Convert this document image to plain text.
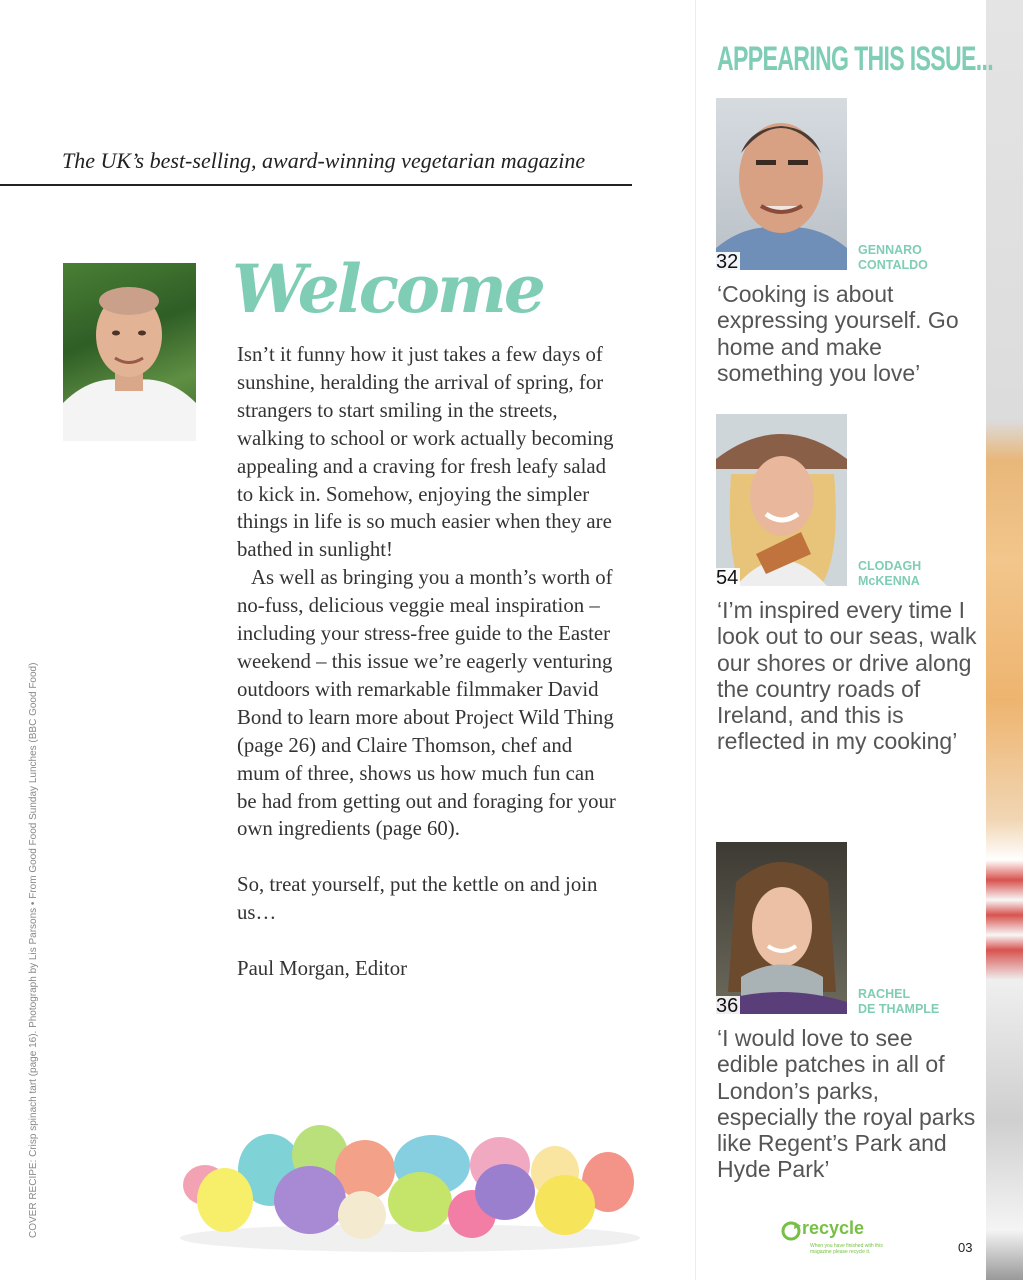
The UK’s best-selling, award-winning vegetarian magazine
Welcome

Isn’t it funny how it just takes a few days of sunshine, heralding the arrival of spring, for strangers to start smiling in the streets, walking to school or work actually becoming appealing and a craving for fresh leafy salad to kick in. Somehow, enjoying the simpler things in life is so much easier when they are bathed in sunlight!

As well as bringing you a month’s worth of no-fuss, delicious veggie meal inspiration – including your stress-free guide to the Easter weekend – this issue we’re eagerly venturing outdoors with remarkable filmmaker David Bond to learn more about Project Wild Thing (page 26) and Claire Thomson, chef and mum of three, shows us how much fun can be had from getting out and foraging for your own ingredients (page 60).

So, treat yourself, put the kettle on and join us…

Paul Morgan, Editor

COVER RECIPE: Crisp spinach tart (page 16). Photograph by Lis Parsons • From Good Food Sunday Lunches (BBC Good Food)
APPEARING THIS ISSUE...
32
GENNARO
CONTALDO
‘Cooking is about expressing yourself. Go home and make something you love’
54
CLODAGH
McKENNA
‘I’m inspired every time I look out to our seas, walk our shores or drive along the country roads of Ireland, and this is reflected in my cooking’
36
RACHEL
DE THAMPLE
‘I would love to see edible patches in all of London’s parks, especially the royal parks like Regent’s Park and Hyde Park’
recycle
When you have finished with this magazine please recycle it.	03
